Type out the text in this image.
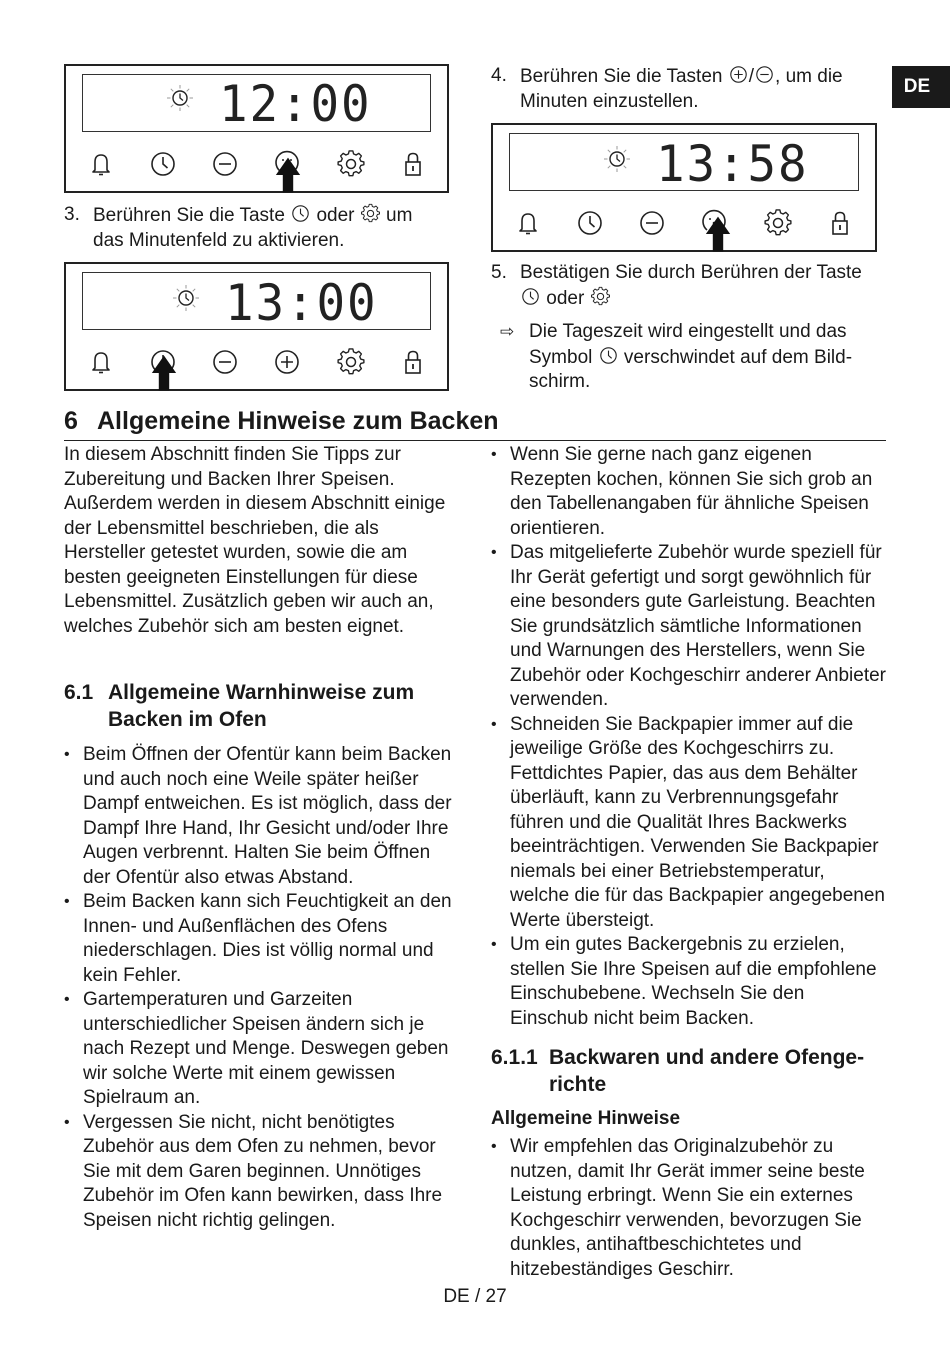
DE
12:00
3. Berühren Sie die Taste oder um
das Minutenfeld zu aktivieren.
13:00
4. Berühren Sie die Tasten / , um die
Minuten einzustellen.
13:58
5. Bestätigen Sie durch Berühren der Taste
oder
⇨ Die Tageszeit wird eingestellt und das
Symbol verschwindet auf dem Bild-
schirm.
6 Allgemeine Hinweise zum Backen

In diesem Abschnitt finden Sie Tipps zur Zubereitung und Backen Ihrer Speisen. Außerdem werden in diesem Abschnitt einige der Lebensmittel beschrieben, die als Hersteller getestet wurden, sowie die am besten geeigneten Einstellungen für diese Lebensmittel. Zusätzlich geben wir auch an, welches Zubehör sich am besten eignet.

6.1 Allgemeine Warnhinweise zum
Backen im Ofen
• Beim Öffnen der Ofentür kann beim Backen und auch noch eine Weile später heißer Dampf entweichen. Es ist möglich, dass der Dampf Ihre Hand, Ihr Gesicht und/oder Ihre Augen verbrennt. Halten Sie beim Öffnen der Ofentür also etwas Abstand.
• Beim Backen kann sich Feuchtigkeit an den Innen- und Außenflächen des Ofens niederschlagen. Dies ist völlig normal und kein Fehler.
• Gartemperaturen und Garzeiten unterschiedlicher Speisen ändern sich je nach Rezept und Menge. Deswegen geben wir solche Werte mit einem gewissen Spielraum an.
• Vergessen Sie nicht, nicht benötigtes Zubehör aus dem Ofen zu nehmen, bevor Sie mit dem Garen beginnen. Unnötiges Zubehör im Ofen kann bewirken, dass Ihre Speisen nicht richtig gelingen.
• Wenn Sie gerne nach ganz eigenen Rezepten kochen, können Sie sich grob an den Tabellenangaben für ähnliche Speisen orientieren.
• Das mitgelieferte Zubehör wurde speziell für Ihr Gerät gefertigt und sorgt gewöhnlich für eine besonders gute Garleistung. Beachten Sie grundsätzlich sämtliche Informationen und Warnungen des Herstellers, wenn Sie Zubehör oder Kochgeschirr anderer Anbieter verwenden.
• Schneiden Sie Backpapier immer auf die jeweilige Größe des Kochgeschirrs zu. Fettdichtes Papier, das aus dem Behälter überläuft, kann zu Verbrennungsgefahr führen und die Qualität Ihres Backwerks beeinträchtigen. Verwenden Sie Backpapier niemals bei einer Betriebstemperatur, welche die für das Backpapier angegebenen Werte übersteigt.
• Um ein gutes Backergebnis zu erzielen, stellen Sie Ihre Speisen auf die empfohlene Einschubebene. Wechseln Sie den Einschub nicht beim Backen.
6.1.1 Backwaren und andere Ofenge-
richte
Allgemeine Hinweise
• Wir empfehlen das Originalzubehör zu nutzen, damit Ihr Gerät immer seine beste Leistung erbringt. Wenn Sie ein externes Kochgeschirr verwenden, bevorzugen Sie dunkles, antihaftbeschichtetes und hitzebeständiges Geschirr.
DE / 27
